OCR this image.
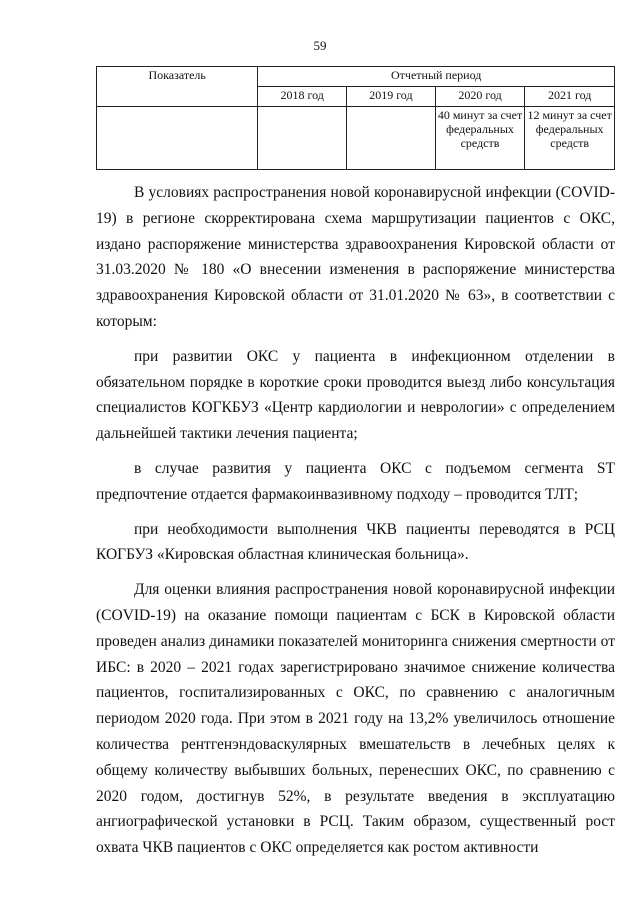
59
Показатель	Отчетный период			
	2018 год	2019 год	2020 год	2021 год
			40 минут за счет федеральных средств	12 минут за счет федеральных средств

В условиях распространения новой коронавирусной инфекции (COVID-19) в регионе скорректирована схема маршрутизации пациентов с ОКС, издано распоряжение министерства здравоохранения Кировской области от 31.03.2020 № 180 «О внесении изменения в распоряжение министерства здравоохранения Кировской области от 31.01.2020 № 63», в соответствии с которым:

при развитии ОКС у пациента в инфекционном отделении в обязательном порядке в короткие сроки проводится выезд либо консультация специалистов КОГКБУЗ «Центр кардиологии и неврологии» с определением дальнейшей тактики лечения пациента;

в случае развития у пациента ОКС с подъемом сегмента ST предпочтение отдается фармакоинвазивному подходу – проводится ТЛТ;

при необходимости выполнения ЧКВ пациенты переводятся в РСЦ КОГБУЗ «Кировская областная клиническая больница».

Для оценки влияния распространения новой коронавирусной инфекции (COVID-19) на оказание помощи пациентам с БСК в Кировской области проведен анализ динамики показателей мониторинга снижения смертности от ИБС: в 2020 – 2021 годах зарегистрировано значимое снижение количества пациентов, госпитализированных с ОКС, по сравнению с аналогичным периодом 2020 года. При этом в 2021 году на 13,2% увеличилось отношение количества рентгенэндоваскулярных вмешательств в лечебных целях к общему количеству выбывших больных, перенесших ОКС, по сравнению с 2020 годом, достигнув 52%, в результате введения в эксплуатацию ангиографической установки в РСЦ. Таким образом, существенный рост охвата ЧКВ пациентов с ОКС определяется как ростом активности
